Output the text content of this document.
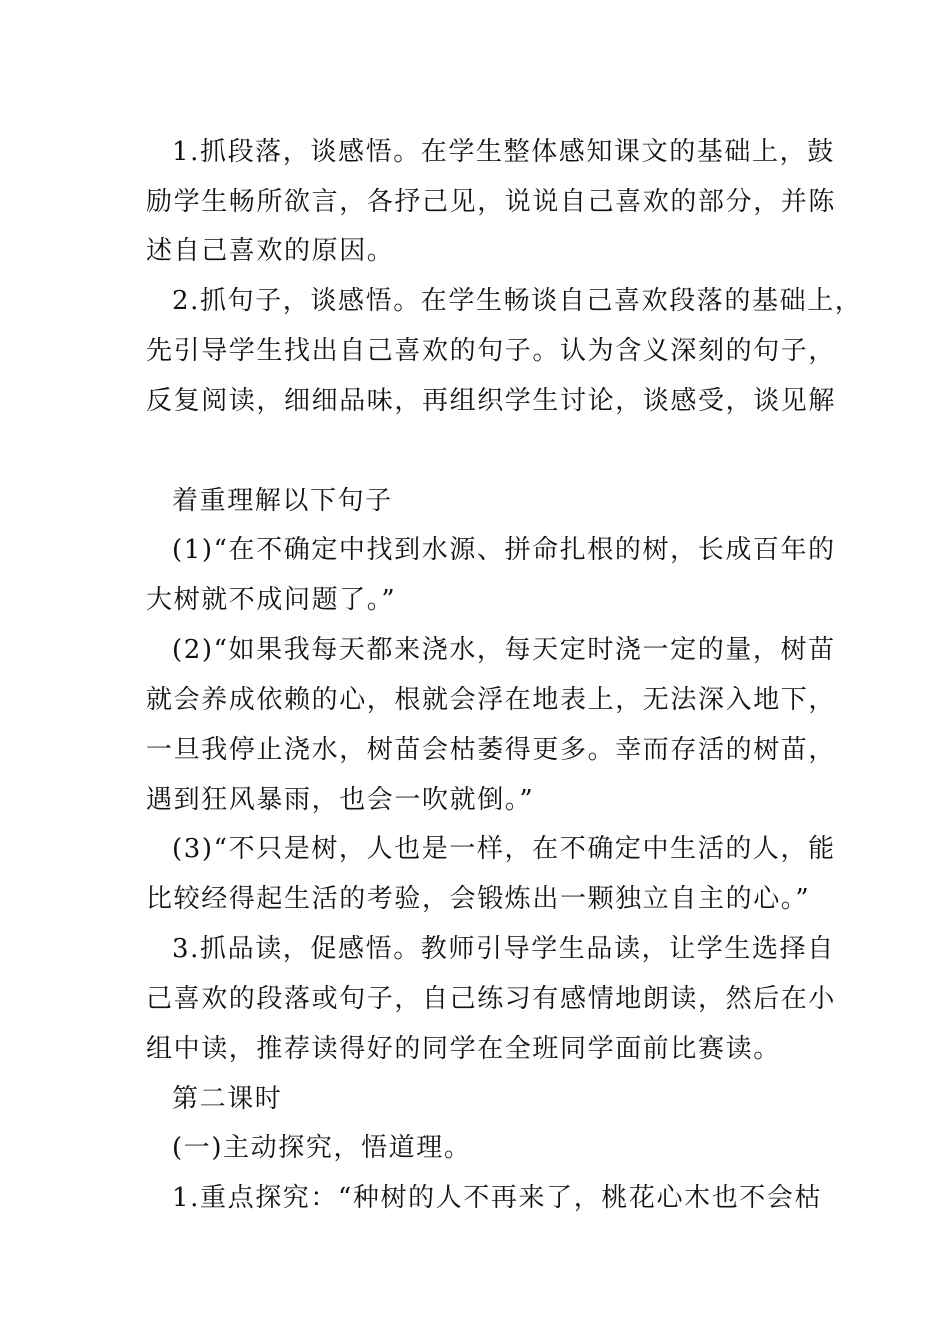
1.抓段落，谈感悟。在学生整体感知课文的基础上，鼓
励学生畅所欲言，各抒己见，说说自己喜欢的部分，并陈
述自己喜欢的原因。
2.抓句子，谈感悟。在学生畅谈自己喜欢段落的基础上，
先引导学生找出自己喜欢的句子。认为含义深刻的句子，
反复阅读，细细品味，再组织学生讨论，谈感受，谈见解
着重理解以下句子
(1)“在不确定中找到水源、拼命扎根的树，长成百年的
大树就不成问题了。”
(2)“如果我每天都来浇水，每天定时浇一定的量，树苗
就会养成依赖的心，根就会浮在地表上，无法深入地下，
一旦我停止浇水，树苗会枯萎得更多。幸而存活的树苗，
遇到狂风暴雨，也会一吹就倒。”
(3)“不只是树，人也是一样，在不确定中生活的人，能
比较经得起生活的考验，会锻炼出一颗独立自主的心。”
3.抓品读，促感悟。教师引导学生品读，让学生选择自
己喜欢的段落或句子，自己练习有感情地朗读，然后在小
组中读，推荐读得好的同学在全班同学面前比赛读。
第二课时
(一)主动探究，悟道理。
1.重点探究：“种树的人不再来了，桃花心木也不会枯
